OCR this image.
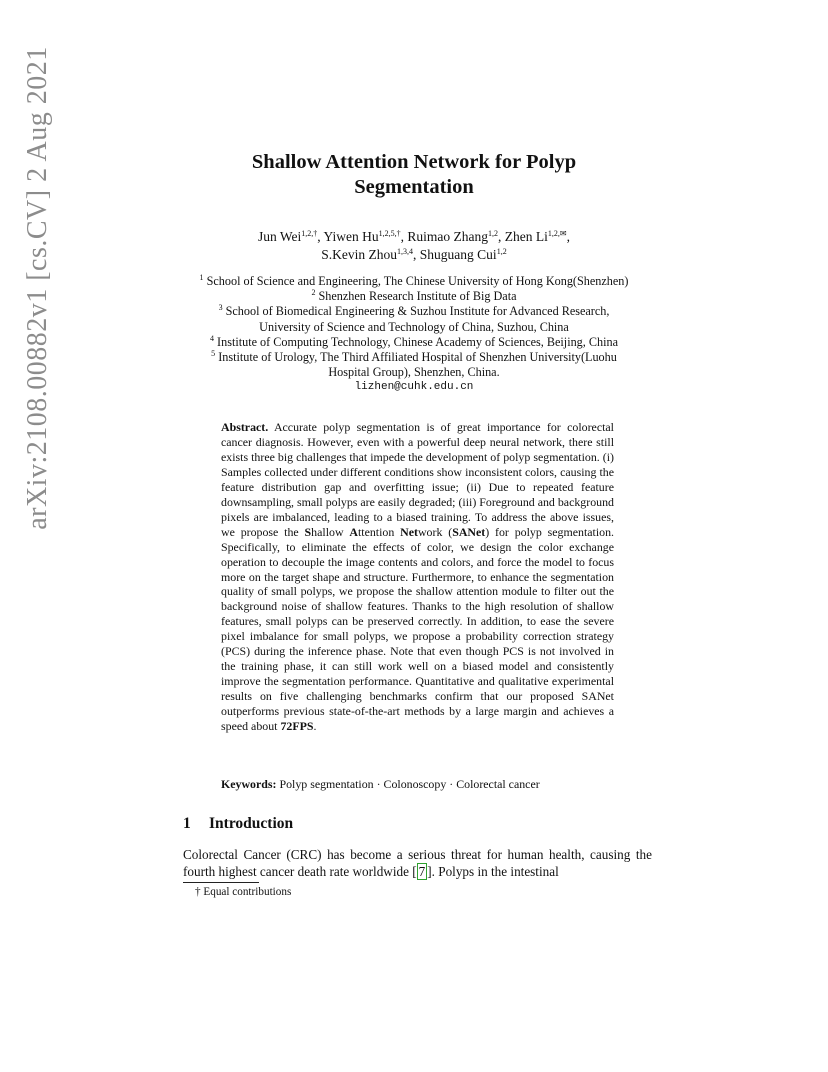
arXiv:2108.00882v1 [cs.CV] 2 Aug 2021	Shallow Attention Network for Polyp
Segmentation
Jun Wei$^{1,2,\dagger}$, Yiwen $Hu^{1,2,5,\dagger}$, Ruimao Zhang$^{1,2}$, Zhen $Li^{1,2,✉}$,
S.Kevin Zhou$^{1,3,4}$, Shuguang Cui$^{1,2}$
$^1$ School of Science and Engineering, The Chinese University of Hong Kong(Shenzhen)
$^2$ Shenzhen Research Institute of Big Data
$^3$ School of Biomedical Engineering & Suzhou Institute for Advanced Research,
University of Science and Technology of China, Suzhou, China
$^4$ Institute of Computing Technology, Chinese Academy of Sciences, Beijing, China
$^5$ Institute of Urology, The Third Affiliated Hospital of Shenzhen University(Luohu
Hospital Group), Shenzhen, China.
lizhen@cuhk.edu.cn
Abstract. Accurate polyp segmentation is of great importance for colorectal cancer diagnosis. However, even with a powerful deep neural network, there still exists three big challenges that impede the development of polyp segmentation. (i) Samples collected under different conditions show inconsistent colors, causing the feature distribution gap and overfitting issue; (ii) Due to repeated feature downsampling, small polyps are easily degraded; (iii) Foreground and background pixels are imbalanced, leading to a biased training. To address the above issues, we propose the Shallow Attention Network (SANet) for polyp segmentation. Specifically, to eliminate the effects of color, we design the color exchange operation to decouple the image contents and colors, and force the model to focus more on the target shape and structure. Furthermore, to enhance the segmentation quality of small polyps, we propose the shallow attention module to filter out the background noise of shallow features. Thanks to the high resolution of shallow features, small polyps can be preserved correctly. In addition, to ease the severe pixel imbalance for small polyps, we propose a probability correction strategy (PCS) during the inference phase. Note that even though PCS is not involved in the training phase, it can still work well on a biased model and consistently improve the segmentation performance. Quantitative and qualitative experimental results on five challenging benchmarks confirm that our proposed SANet outperforms previous state-of-the-art methods by a large margin and achieves a speed about 72FPS.
Keywords: Polyp segmentation · Colonoscopy · Colorectal cancer
1 Introduction
Colorectal Cancer (CRC) has become a serious threat for human health, causing the fourth highest cancer death rate worldwide [ 7 ]. Polyps in the intestinal
† Equal contributions
